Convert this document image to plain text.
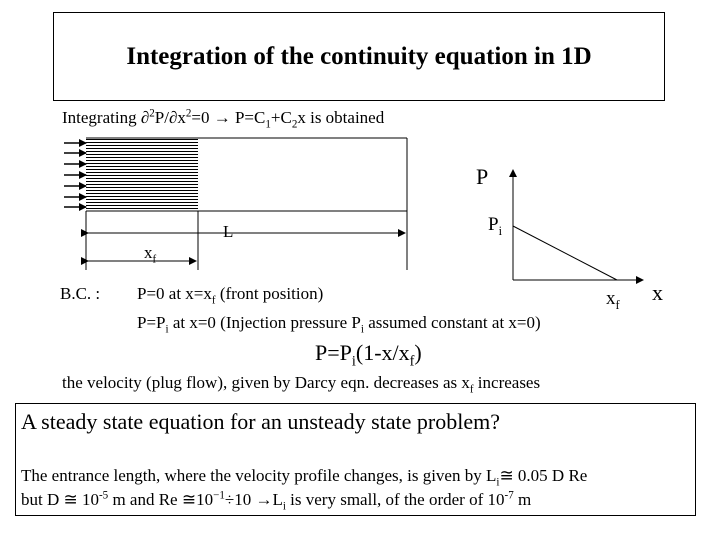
Integration of the continuity equation in 1D
Integrating $\partial^2P/\partial x^2=0 \to P=C_1+C_2x$ is obtained
L
$x_f$
P
$P_i$
$x_f$ x
B.C. : P=0 at $x=x_f$ (front position)
$P=P_i$ at x=0 (Injection pressure $P_i$ assumed constant at x=0)
$P=P_i(1-x/x_f)$
the velocity (plug flow), given by Darcy eqn. decreases as $x_f$ increases
A steady state equation for an unsteady state problem?
The entrance length, where the velocity profile changes, is given by $L_i≅$ 0.05 D Re
but D ≅ $10^{-5}$ m and Re $≅10^{-1}\div 10 \to L_i$ is very small, of the order of $10^{-7}$ m
